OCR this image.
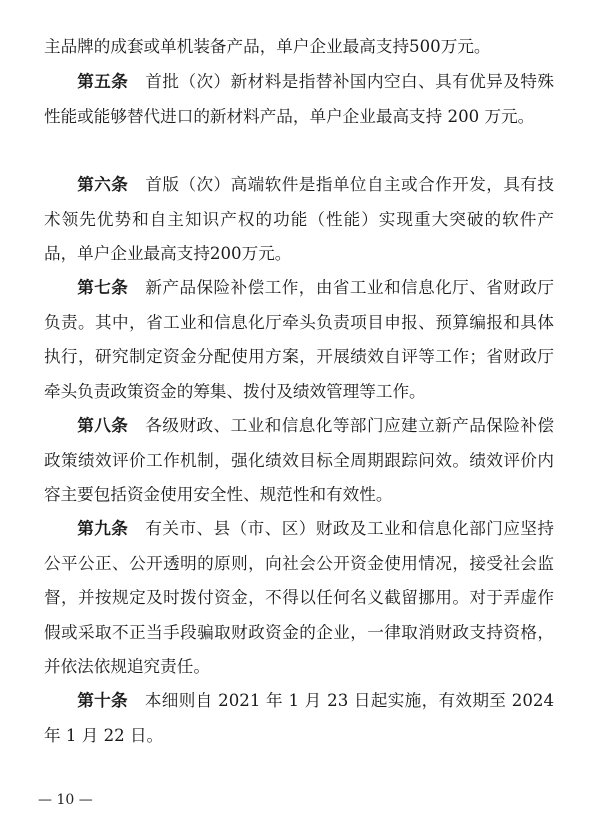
主品牌的成套或单机装备产品，单户企业最高支持500万元。

第五条　 首批（次）新材料是指替补国内空白、具有优异及特殊性能或能够替代进口的新材料产品，单户企业最高支持 200 万元。

第六条　 首版（次）高端软件是指单位自主或合作开发，具有技术领先优势和自主知识产权的功能（性能）实现重大突破的软件产品，单户企业最高支持200万元。

第七条　 新产品保险补偿工作，由省工业和信息化厅、省财政厅负责。其中，省工业和信息化厅牵头负责项目申报、预算编报和具体执行，研究制定资金分配使用方案，开展绩效自评等工作；省财政厅牵头负责政策资金的筹集、拨付及绩效管理等工作。

第八条　 各级财政、工业和信息化等部门应建立新产品保险补偿政策绩效评价工作机制，强化绩效目标全周期跟踪问效。绩效评价内容主要包括资金使用安全性、规范性和有效性。

第九条　 有关市、县（市、区）财政及工业和信息化部门应坚持公平公正、公开透明的原则，向社会公开资金使用情况，接受社会监督，并按规定及时拨付资金，不得以任何名义截留挪用。对于弄虚作假或采取不正当手段骗取财政资金的企业，一律取消财政支持资格，并依法依规追究责任。

第十条　 本细则自 2021 年 1 月 23 日起实施，有效期至 2024 年 1 月 22 日。

— 10 —
